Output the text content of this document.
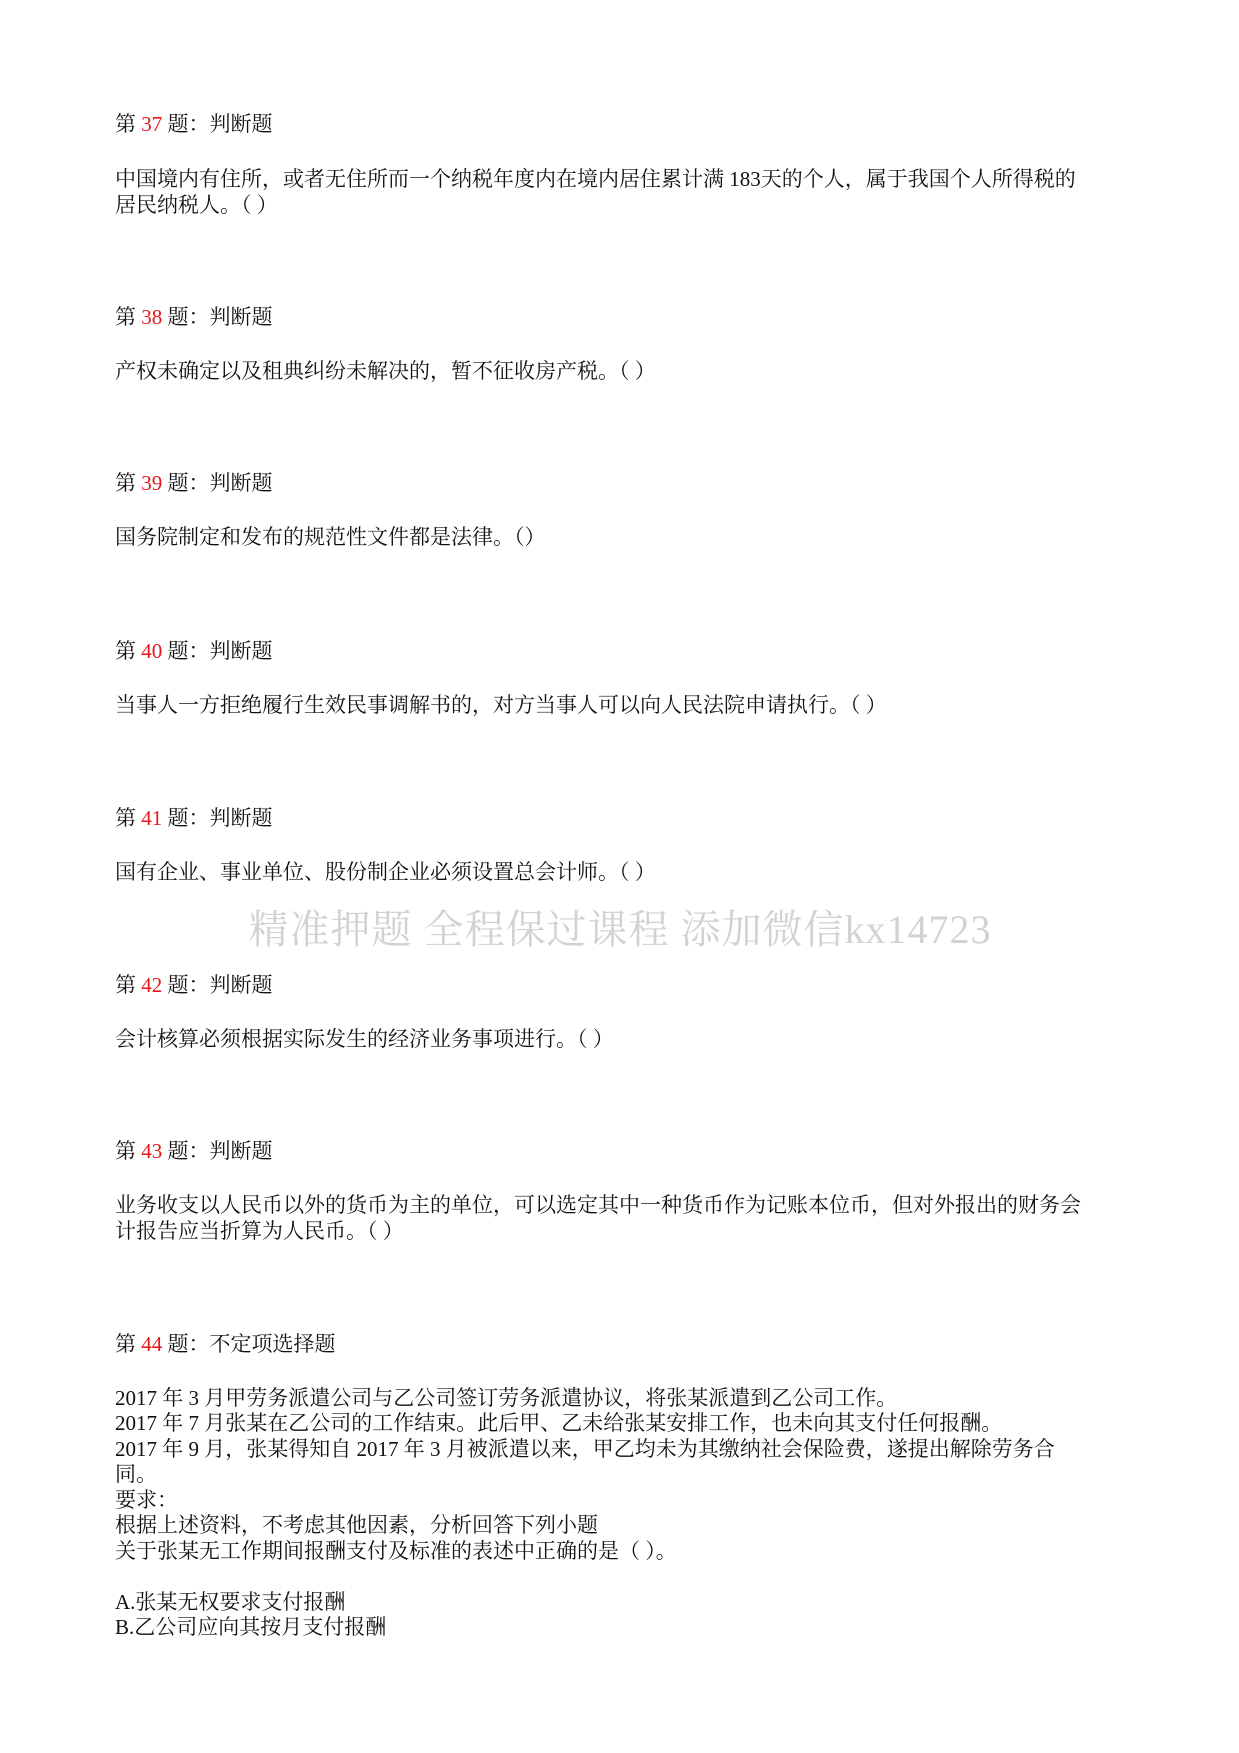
精准押题 全程保过课程 添加微信kx14723
第 37 题：判断题
中国境内有住所，或者无住所而一个纳税年度内在境内居住累计满 183天的个人，属于我国个人所得税的
居民纳税人。（ ）
第 38 题：判断题
产权未确定以及租典纠纷未解决的，暂不征收房产税。（ ）
第 39 题：判断题
国务院制定和发布的规范性文件都是法律。（）
第 40 题：判断题
当事人一方拒绝履行生效民事调解书的，对方当事人可以向人民法院申请执行。（ ）
第 41 题：判断题
国有企业、事业单位、股份制企业必须设置总会计师。（ ）
第 42 题：判断题
会计核算必须根据实际发生的经济业务事项进行。（ ）
第 43 题：判断题
业务收支以人民币以外的货币为主的单位，可以选定其中一种货币作为记账本位币，但对外报出的财务会
计报告应当折算为人民币。（ ）
第 44 题：不定项选择题
2017 年 3 月甲劳务派遣公司与乙公司签订劳务派遣协议，将张某派遣到乙公司工作。
2017 年 7 月张某在乙公司的工作结束。此后甲、乙未给张某安排工作，也未向其支付任何报酬。
2017 年 9 月，张某得知自 2017 年 3 月被派遣以来，甲乙均未为其缴纳社会保险费，遂提出解除劳务合
同。
要求：
根据上述资料，不考虑其他因素，分析回答下列小题
关于张某无工作期间报酬支付及标准的表述中正确的是（ ）。
A.张某无权要求支付报酬
B.乙公司应向其按月支付报酬
